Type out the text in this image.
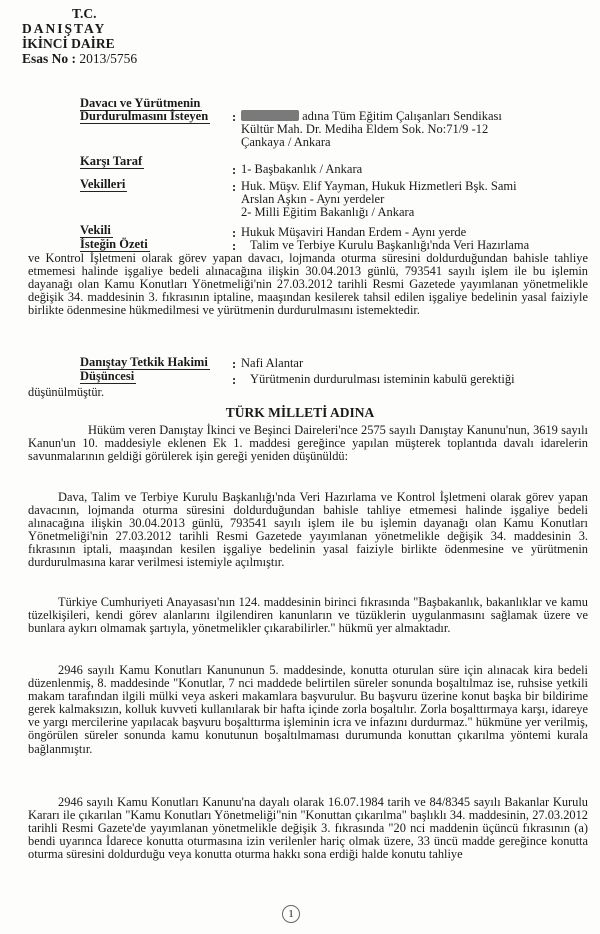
T.C.
DANIŞTAY
İKİNCİ DAİRE
Esas No : 2013/5756
Davacı ve Yürütmenin
Durdurulmasını İsteyen :	adına Tüm Eğitim Çalışanları Sendikası
Kültür Mah. Dr. Mediha Eldem Sok. No:71/9 -12
Çankaya / Ankara
Karşı Taraf
: 1- Başbakanlık / Ankara
Vekilleri	: Huk. Müşv. Elif Yayman, Hukuk Hizmetleri Bşk. Sami
Arslan Aşkın - Aynı yerdeler
2- Milli Eğitim Bakanlığı / Ankara
Vekili	: Hukuk Müşaviri Handan Erdem - Aynı yerde
İsteğin Özeti	: Talim ve Terbiye Kurulu Başkanlığı'nda Veri Hazırlama
ve Kontrol İşletmeni olarak görev yapan davacı, lojmanda oturma süresini doldurduğundan bahisle tahliye etmemesi halinde işgaliye bedeli alınacağına ilişkin 30.04.2013 günlü, 793541 sayılı işlem ile bu işlemin dayanağı olan Kamu Konutları Yönetmeliği'nin 27.03.2012 tarihli Resmi Gazetede yayımlanan yönetmelikle değişik 34. maddesinin 3. fıkrasının iptaline, maaşından kesilerek tahsil edilen işgaliye bedelinin yasal faiziyle birlikte ödenmesine hükmedilmesi ve yürütmenin durdurulmasını istemektedir.
Danıştay Tetkik Hakimi : Nafi Alantar
Düşüncesi	: Yürütmenin durdurulması isteminin kabulü gerektiği
düşünülmüştür.
TÜRK MİLLETİ ADINA
Hüküm veren Danıştay İkinci ve Beşinci Daireleri'nce 2575 sayılı Danıştay Kanunu'nun, 3619 sayılı Kanun'un 10. maddesiyle eklenen Ek 1. maddesi gereğince yapılan müşterek toplantıda davalı idarelerin savunmalarının geldiği görülerek işin gereği yeniden düşünüldü:
Dava, Talim ve Terbiye Kurulu Başkanlığı'nda Veri Hazırlama ve Kontrol İşletmeni olarak görev yapan davacının, lojmanda oturma süresini doldurduğundan bahisle tahliye etmemesi halinde işgaliye bedeli alınacağına ilişkin 30.04.2013 günlü, 793541 sayılı işlem ile bu işlemin dayanağı olan Kamu Konutları Yönetmeliği'nin 27.03.2012 tarihli Resmi Gazetede yayımlanan yönetmelikle değişik 34. maddesinin 3. fıkrasının iptali, maaşından kesilen işgaliye bedelinin yasal faiziyle birlikte ödenmesine ve yürütmenin durdurulmasına karar verilmesi istemiyle açılmıştır.
Türkiye Cumhuriyeti Anayasası'nın 124. maddesinin birinci fıkrasında "Başbakanlık, bakanlıklar ve kamu tüzelkişileri, kendi görev alanlarını ilgilendiren kanunların ve tüzüklerin uygulanmasını sağlamak üzere ve bunlara aykırı olmamak şartıyla, yönetmelikler çıkarabilirler." hükmü yer almaktadır.
2946 sayılı Kamu Konutları Kanununun 5. maddesinde, konutta oturulan süre için alınacak kira bedeli düzenlenmiş, 8. maddesinde "Konutlar, 7 nci maddede belirtilen süreler sonunda boşaltılmaz ise, ruhsise yetkili makam tarafından ilgili mülki veya askeri makamlara başvurulur. Bu başvuru üzerine konut başka bir bildirime gerek kalmaksızın, kolluk kuvveti kullanılarak bir hafta içinde zorla boşaltılır. Zorla boşalttırmaya karşı, idareye ve yargı mercilerine yapılacak başvuru boşalttırma işleminin icra ve infazını durdurmaz." hükmüne yer verilmiş, öngörülen süreler sonunda kamu konutunun boşaltılmaması durumunda konuttan çıkarılma yöntemi kurala bağlanmıştır.
2946 sayılı Kamu Konutları Kanunu'na dayalı olarak 16.07.1984 tarih ve 84/8345 sayılı Bakanlar Kurulu Kararı ile çıkarılan "Kamu Konutları Yönetmeliği"nin "Konuttan çıkarılma" başlıklı 34. maddesinin, 27.03.2012 tarihli Resmi Gazete'de yayımlanan yönetmelikle değişik 3. fıkrasında "20 nci maddenin üçüncü fıkrasının (a) bendi uyarınca İdarece konutta oturmasına izin verilenler hariç olmak üzere, 33 üncü madde gereğince konutta oturma süresini doldurduğu veya konutta oturma hakkı sona erdiği halde konutu tahliye
1
